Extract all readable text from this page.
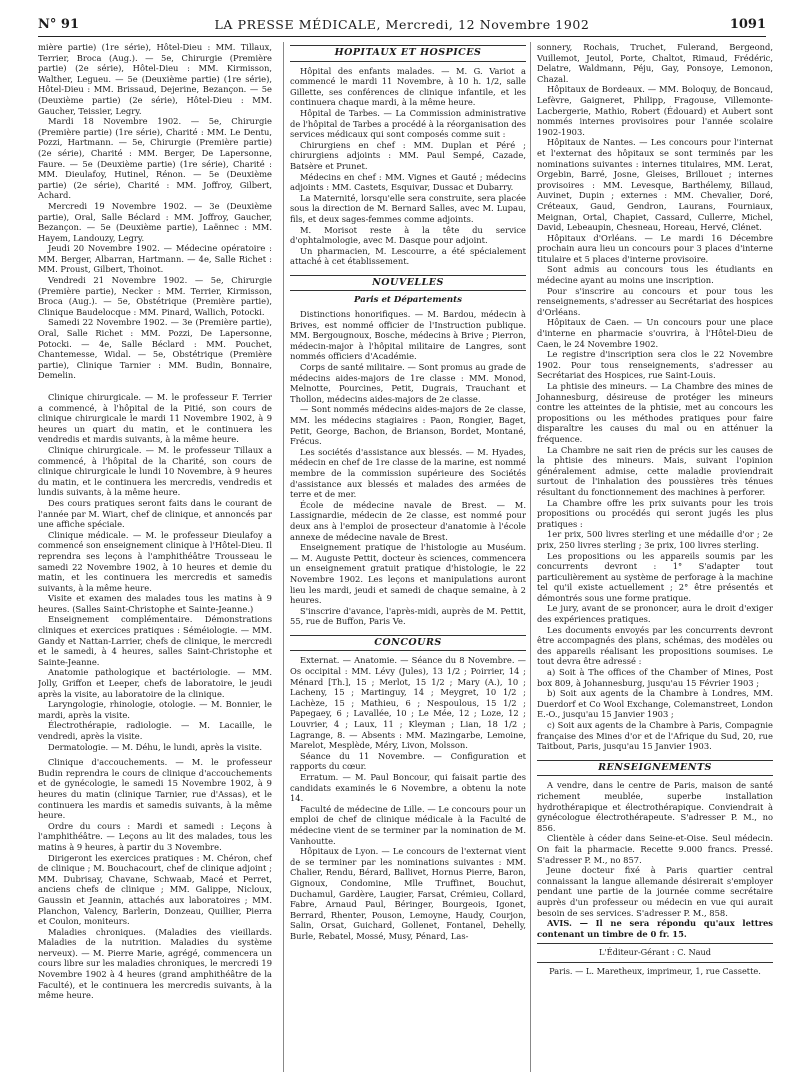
N° 91	LA PRESSE MÉDICALE, Mercredi, 12 Novembre 1902	1091

mière partie) (1re série), Hôtel-Dieu : MM. Tillaux, Terrier, Broca (Aug.). — 5e, Chirurgie (Première partie) (2e série), Hôtel-Dieu : MM. Kirmisson, Walther, Legueu. — 5e (Deuxième partie) (1re série), Hôtel-Dieu : MM. Brissaud, Dejerine, Bezançon. — 5e (Deuxième partie) (2e série), Hôtel-Dieu : MM. Gaucher, Teissier, Legry.

Mardi 18 Novembre 1902. — 5e, Chirurgie (Première partie) (1re série), Charité : MM. Le Dentu, Pozzi, Hartmann. — 5e, Chirurgie (Première partie) (2e série), Charité : MM. Berger, De Lapersonne, Faure. — 5e (Deuxième partie) (1re série), Charité : MM. Dieulafoy, Hutinel, Rénon. — 5e (Deuxième partie) (2e série), Charité : MM. Joffroy, Gilbert, Achard.

Mercredi 19 Novembre 1902. — 3e (Deuxième partie), Oral, Salle Béclard : MM. Joffroy, Gaucher, Bezançon. — 5e (Deuxième partie), Laënnec : MM. Hayem, Landouzy, Legry.

Jeudi 20 Novembre 1902. — Médecine opératoire : MM. Berger, Albarran, Hartmann. — 4e, Salle Richet : MM. Proust, Gilbert, Thoinot.

Vendredi 21 Novembre 1902. — 5e, Chirurgie (Première partie), Necker : MM. Terrier, Kirmisson, Broca (Aug.). — 5e, Obstétrique (Première partie), Clinique Baudelocque : MM. Pinard, Wallich, Potocki.

Samedi 22 Novembre 1902. — 3e (Première partie), Oral, Salle Richet : MM. Pozzi, De Lapersonne, Potocki. — 4e, Salle Béclard : MM. Pouchet, Chantemesse, Widal. — 5e, Obstétrique (Première partie), Clinique Tarnier : MM. Budin, Bonnaire, Demelin.

Clinique chirurgicale. — M. le professeur F. Terrier a commencé, à l'hôpital de la Pitié, son cours de clinique chirurgicale le mardi 11 Novembre 1902, à 9 heures un quart du matin, et le continuera les vendredis et mardis suivants, à la même heure.

Clinique chirurgicale. — M. le professeur Tillaux a commencé, à l'hôpital de la Charité, son cours de clinique chirurgicale le lundi 10 Novembre, à 9 heures du matin, et le continuera les mercredis, vendredis et lundis suivants, à la même heure.

Des cours pratiques seront faits dans le courant de l'année par M. Wiart, chef de clinique, et annoncés par une affiche spéciale.

Clinique médicale. — M. le professeur Dieulafoy a commencé son enseignement clinique à l'Hôtel-Dieu. Il reprendra ses leçons à l'amphithéâtre Trousseau le samedi 22 Novembre 1902, à 10 heures et demie du matin, et les continuera les mercredis et samedis suivants, à la même heure.

Visite et examen des malades tous les matins à 9 heures. (Salles Saint-Christophe et Sainte-Jeanne.)

Enseignement complémentaire. Démonstrations cliniques et exercices pratiques : Séméiologie. — MM. Gandy et Nattan-Larrier, chefs de clinique, le mercredi et le samedi, à 4 heures, salles Saint-Christophe et Sainte-Jeanne.

Anatomie pathologique et bactériologie. — MM. Jolly, Griffon et Leeper, chefs de laboratoire, le jeudi après la visite, au laboratoire de la clinique.

Laryngologie, rhinologie, otologie. — M. Bonnier, le mardi, après la visite.

Électrothérapie, radiologie. — M. Lacaille, le vendredi, après la visite.

Dermatologie. — M. Déhu, le lundi, après la visite.

Clinique d'accouchements. — M. le professeur Budin reprendra le cours de clinique d'accouchements et de gynécologie, le samedi 15 Novembre 1902, à 9 heures du matin (clinique Tarnier, rue d'Assas), et le continuera les mardis et samedis suivants, à la même heure.

Ordre du cours : Mardi et samedi : Leçons à l'amphithéâtre. — Leçons au lit des malades, tous les matins à 9 heures, à partir du 3 Novembre.

Dirigeront les exercices pratiques : M. Chéron, chef de clinique ; M. Bouchacourt, chef de clinique adjoint ; MM. Dubrisay, Chavane, Schwaab, Macé et Perret, anciens chefs de clinique ; MM. Galippe, Nicloux, Gaussin et Jeannin, attachés aux laboratoires ; MM. Planchon, Valency, Barlerin, Donzeau, Quillier, Pierra et Coulon, moniteurs.

Maladies chroniques. (Maladies des vieillards. Maladies de la nutrition. Maladies du système nerveux). — M. Pierre Marie, agrégé, commencera un cours libre sur les maladies chroniques, le mercredi 19 Novembre 1902 à 4 heures (grand amphithéâtre de la Faculté), et le continuera les mercredis suivants, à la même heure.

HOPITAUX ET HOSPICES

Hôpital des enfants malades. — M. G. Variot a commencé le mardi 11 Novembre, à 10 h. 1/2, salle Gillette, ses conférences de clinique infantile, et les continuera chaque mardi, à la même heure.

Hôpital de Tarbes. — La Commission administrative de l'hôpital de Tarbes a procédé à la réorganisation des services médicaux qui sont composés comme suit :

Chirurgiens en chef : MM. Duplan et Péré ; chirurgiens adjoints : MM. Paul Sempé, Cazade, Batsère et Prunet.

Médecins en chef : MM. Vignes et Gauté ; médecins adjoints : MM. Castets, Esquivar, Dussac et Dubarry.

La Maternité, lorsqu'elle sera construite, sera placée sous la direction de M. Bernard Salles, avec M. Lupau, fils, et deux sages-femmes comme adjoints.

M. Morisot reste à la tête du service d'ophtalmologie, avec M. Dasque pour adjoint.

Un pharmacien, M. Lescourre, a été spécialement attaché à cet établissement.

NOUVELLES
Paris et Départements

Distinctions honorifiques. — M. Bardou, médecin à Brives, est nommé officier de l'Instruction publique. MM. Bergougnoux, Bosche, médecins à Brive ; Pierron, médecin-major à l'hôpital militaire de Langres, sont nommés officiers d'Académie.

Corps de santé militaire. — Sont promus au grade de médecins aides-majors de 1re classe : MM. Monod, Melnotte, Pourcines, Petit, Dugrais, Trauchant et Thollon, médecins aides-majors de 2e classe.

— Sont nommés médecins aides-majors de 2e classe, MM. les médecins stagiaires : Paon, Rongier, Baget, Petit, George, Bachon, de Brianson, Bordet, Montané, Frécus.

Les sociétés d'assistance aux blessés. — M. Hyades, médecin en chef de 1re classe de la marine, est nommé membre de la commission supérieure des Sociétés d'assistance aux blessés et malades des armées de terre et de mer.

École de médecine navale de Brest. — M. Lassignardie, médecin de 2e classe, est nommé pour deux ans à l'emploi de prosecteur d'anatomie à l'école annexe de médecine navale de Brest.

Enseignement pratique de l'histologie au Muséum. — M. Auguste Pettit, docteur ès sciences, commencera un enseignement gratuit pratique d'histologie, le 22 Novembre 1902. Les leçons et manipulations auront lieu les mardi, jeudi et samedi de chaque semaine, à 2 heures.

S'inscrire d'avance, l'après-midi, auprès de M. Pettit, 55, rue de Buffon, Paris Ve.

CONCOURS

Externat. — Anatomie. — Séance du 8 Novembre. — Os occipital : MM. Lévy (Jules), 13 1/2 ; Poirrier, 14 ; Ménard [Th.], 15 ; Merlot, 15 1/2 ; Mary (A.), 10 ; Lacheny, 15 ; Martinguy, 14 ; Meygret, 10 1/2 ; Lachèze, 15 ; Mathieu, 6 ; Nespoulous, 15 1/2 ; Papegaey, 6 ; Lavallée, 10 ; Le Mée, 12 ; Loze, 12 ; Louvrier, 4 ; Laux, 11 ; Kleyman ; Lian, 18 1/2 ; Lagrange, 8. — Absents : MM. Mazingarbe, Lemoine, Marelot, Mesplède, Méry, Livon, Molsson.

Séance du 11 Novembre. — Configuration et rapports du cœur.

Erratum. — M. Paul Boncour, qui faisait partie des candidats examinés le 6 Novembre, a obtenu la note 14.

Faculté de médecine de Lille. — Le concours pour un emploi de chef de clinique médicale à la Faculté de médecine vient de se terminer par la nomination de M. Vanhoutte.

Hôpitaux de Lyon. — Le concours de l'externat vient de se terminer par les nominations suivantes : MM. Chalier, Rendu, Bérard, Ballivet, Hornus Pierre, Baron, Gignoux, Condomine, Mlle Truffinet, Bouchut, Duchamul, Gardère, Laugier, Farsat, Crémieu, Collard, Fabre, Arnaud Paul, Béringer, Bourgeois, Igonet, Berrard, Rhenter, Pouson, Lemoyne, Haudy, Courjon, Salin, Orsat, Guichard, Gollenet, Fontanel, Dehelly, Burle, Rebatel, Mossé, Musy, Pénard, Las-

sonnery, Rochais, Truchet, Fulerand, Bergeond, Vuillemot, Jeutol, Porte, Chaltot, Rimaud, Frédéric, Delatre, Waldmann, Péju, Gay, Ponsoye, Lemonon, Chazal.

Hôpitaux de Bordeaux. — MM. Boloquy, de Boncaud, Lefèvre, Gaigneret, Philipp, Fragouse, Villemonte-Lacbergerie, Mathio, Robert (Édouard) et Aubert sont nommés internes provisoires pour l'année scolaire 1902-1903.

Hôpitaux de Nantes. — Les concours pour l'internat et l'externat des hôpitaux se sont terminés par les nominations suivantes : internes titulaires, MM. Lerat, Orgebin, Barré, Josne, Gleises, Brillouet ; internes provisoires : MM. Levesque, Barthélemy, Billaud, Auvinet, Dupin ; externes : MM. Chevalier, Doré, Créteaux, Gaud, Gendron, Laurans, Fourniaux, Meignan, Ortal, Chapiet, Cassard, Cullerre, Michel, David, Lebeaupin, Chesneau, Horeau, Hervé, Clénet.

Hôpitaux d'Orléans. — Le mardi 16 Décembre prochain aura lieu un concours pour 3 places d'interne titulaire et 5 places d'interne provisoire.

Sont admis au concours tous les étudiants en médecine ayant au moins une inscription.

Pour s'inscrire au concours et pour tous les renseignements, s'adresser au Secrétariat des hospices d'Orléans.

Hôpitaux de Caen. — Un concours pour une place d'interne en pharmacie s'ouvrira, à l'Hôtel-Dieu de Caen, le 24 Novembre 1902.

Le registre d'inscription sera clos le 22 Novembre 1902. Pour tous renseignements, s'adresser au Secrétariat des Hospices, rue Saint-Louis.

La phtisie des mineurs. — La Chambre des mines de Johannesburg, désireuse de protéger les mineurs contre les atteintes de la phtisie, met au concours les propositions ou les méthodes pratiques pour faire disparaître les causes du mal ou en atténuer la fréquence.

La Chambre ne sait rien de précis sur les causes de la phtisie des mineurs. Mais, suivant l'opinion généralement admise, cette maladie proviendrait surtout de l'inhalation des poussières très ténues résultant du fonctionnement des machines à perforer.

La Chambre offre les prix suivants pour les trois propositions ou procédés qui seront jugés les plus pratiques :

1er prix, 500 livres sterling et une médaille d'or ; 2e prix, 250 livres sterling ; 3e prix, 100 livres sterling.

Les propositions ou les appareils soumis par les concurrents devront : 1° S'adapter tout particulièrement au système de perforage à la machine tel qu'il existe actuellement ; 2° être présentés et démontrés sous une forme pratique.

Le jury, avant de se prononcer, aura le droit d'exiger des expériences pratiques.

Les documents envoyés par les concurrents devront être accompagnés des plans, schémas, des modèles ou des appareils réalisant les propositions soumises. Le tout devra être adressé :

a) Soit à The offices of the Chamber of Mines, Post box 809, à Johannesburg, jusqu'au 15 Février 1903 ;

b) Soit aux agents de la Chambre à Londres, MM. Duerdorf et Co Wool Exchange, Colemanstreet, London E.-O., jusqu'au 15 Janvier 1903 ;

c) Soit aux agents de la Chambre à Paris, Compagnie française des Mines d'or et de l'Afrique du Sud, 20, rue Taitbout, Paris, jusqu'au 15 Janvier 1903.

RENSEIGNEMENTS

A vendre, dans le centre de Paris, maison de santé richement meublée, superbe installation hydrothérapique et électrothérapique. Conviendrait à gynécologue électrothérapeute. S'adresser P. M., no 856.

Clientèle à céder dans Seine-et-Oise. Seul médecin. On fait la pharmacie. Recette 9.000 francs. Pressé. S'adresser P. M., no 857.

Jeune docteur fixé à Paris quartier central connaissant la langue allemande désirerait s'employer pendant une partie de la journée comme secrétaire auprès d'un professeur ou médecin en vue qui aurait besoin de ses services. S'adresser P. M., 858.

AVIS. — Il ne sera répondu qu'aux lettres contenant un timbre de 0 fr. 15.

L'Éditeur-Gérant : C. Naud
Paris. — L. Maretheux, imprimeur, 1, rue Cassette.
